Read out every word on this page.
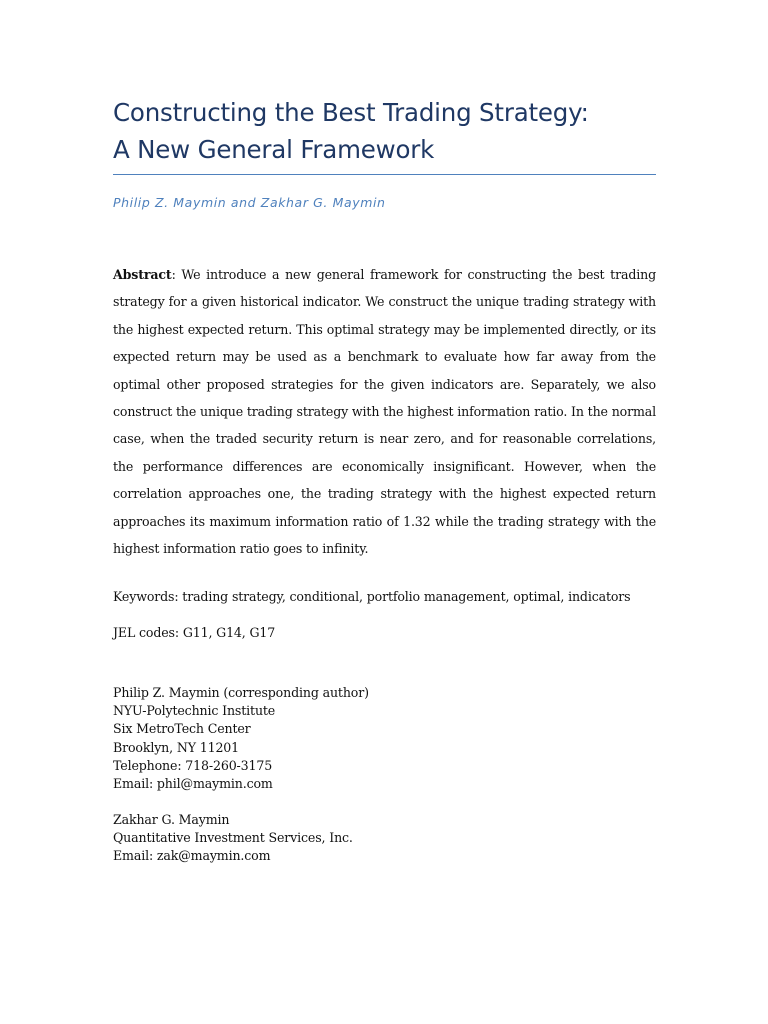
Constructing the Best Trading Strategy:
A New General Framework
Philip Z. Maymin and Zakhar G. Maymin

Abstract: We introduce a new general framework for constructing the best trading strategy for a given historical indicator. We construct the unique trading strategy with the highest expected return. This optimal strategy may be implemented directly, or its expected return may be used as a benchmark to evaluate how far away from the optimal other proposed strategies for the given indicators are. Separately, we also construct the unique trading strategy with the highest information ratio. In the normal case, when the traded security return is near zero, and for reasonable correlations, the performance differences are economically insignificant. However, when the correlation approaches one, the trading strategy with the highest expected return approaches its maximum information ratio of 1.32 while the trading strategy with the highest information ratio goes to infinity.

Keywords: trading strategy, conditional, portfolio management, optimal, indicators
JEL codes: G11, G14, G17
Philip Z. Maymin (corresponding author)
NYU-Polytechnic Institute
Six MetroTech Center
Brooklyn, NY 11201
Telephone: 718-260-3175
Email: phil@maymin.com
Zakhar G. Maymin
Quantitative Investment Services, Inc.
Email: zak@maymin.com
